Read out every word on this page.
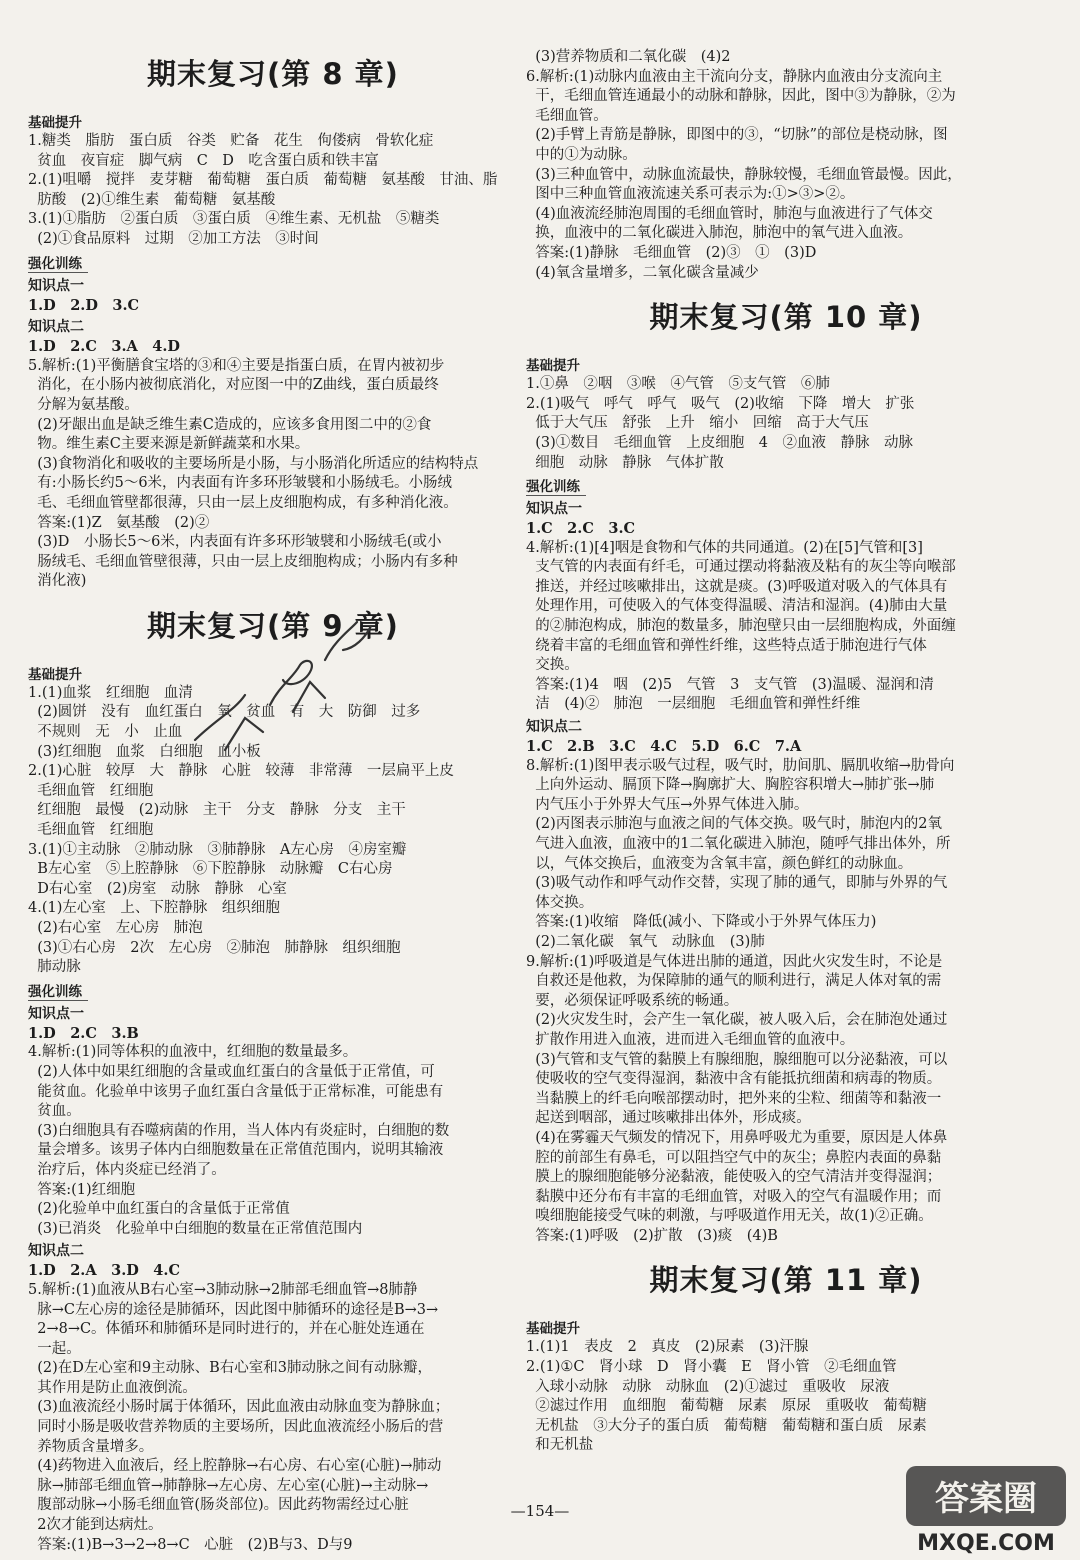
期末复习(第 8 章)
基础提升
1.糖类　脂肪　蛋白质　谷类　贮备　花生　佝偻病　骨软化症
贫血　夜盲症　脚气病　C　D　吃含蛋白质和铁丰富
2.(1)咀嚼　搅拌　麦芽糖　葡萄糖　蛋白质　葡萄糖　氨基酸　甘油、脂
肪酸　(2)①维生素　葡萄糖　氨基酸
3.(1)①脂肪　②蛋白质　③蛋白质　④维生素、无机盐　⑤糖类
(2)①食品原料　过期　②加工方法　③时间
强化训练
知识点一
1.D　2.D　3.C
知识点二
1.D　2.C　3.A　4.D
5.解析:(1)平衡膳食宝塔的③和④主要是指蛋白质，在胃内被初步
消化，在小肠内被彻底消化，对应图一中的Z曲线，蛋白质最终
分解为氨基酸。
(2)牙龈出血是缺乏维生素C造成的，应该多食用图二中的②食
物。维生素C主要来源是新鲜蔬菜和水果。
(3)食物消化和吸收的主要场所是小肠，与小肠消化所适应的结构特点
有:小肠长约5～6米，内表面有许多环形皱襞和小肠绒毛。小肠绒
毛、毛细血管壁都很薄，只由一层上皮细胞构成，有多种消化液。
答案:(1)Z　氨基酸　(2)②
(3)D　小肠长5～6米，内表面有许多环形皱襞和小肠绒毛(或小
肠绒毛、毛细血管壁很薄，只由一层上皮细胞构成；小肠内有多种
消化液)
期末复习(第 9 章)
基础提升
1.(1)血浆　红细胞　血清
(2)圆饼　没有　血红蛋白　氧　贫血　有　大　防御　过多
不规则　无　小　止血
(3)红细胞　血浆　白细胞　血小板
2.(1)心脏　较厚　大　静脉　心脏　较薄　非常薄　一层扁平上皮
毛细血管　红细胞
红细胞　最慢　(2)动脉　主干　分支　静脉　分支　主干
毛细血管　红细胞
3.(1)①主动脉　②肺动脉　③肺静脉　A左心房　④房室瓣
B左心室　⑤上腔静脉　⑥下腔静脉　动脉瓣　C右心房
D右心室　(2)房室　动脉　静脉　心室
4.(1)左心室　上、下腔静脉　组织细胞
(2)右心室　左心房　肺泡
(3)①右心房　2次　左心房　②肺泡　肺静脉　组织细胞
肺动脉
强化训练
知识点一
1.D　2.C　3.B
4.解析:(1)同等体积的血液中，红细胞的数量最多。
(2)人体中如果红细胞的含量或血红蛋白的含量低于正常值，可
能贫血。化验单中该男子血红蛋白含量低于正常标准，可能患有
贫血。
(3)白细胞具有吞噬病菌的作用，当人体内有炎症时，白细胞的数
量会增多。该男子体内白细胞数量在正常值范围内，说明其输液
治疗后，体内炎症已经消了。
答案:(1)红细胞
(2)化验单中血红蛋白的含量低于正常值
(3)已消炎　化验单中白细胞的数量在正常值范围内
知识点二
1.D　2.A　3.D　4.C
5.解析:(1)血液从B右心室→3肺动脉→2肺部毛细血管→8肺静
脉→C左心房的途径是肺循环，因此图中肺循环的途径是B→3→
2→8→C。体循环和肺循环是同时进行的，并在心脏处连通在
一起。
(2)在D左心室和9主动脉、B右心室和3肺动脉之间有动脉瓣，
其作用是防止血液倒流。
(3)血液流经小肠时属于体循环，因此血液由动脉血变为静脉血；
同时小肠是吸收营养物质的主要场所，因此血液流经小肠后的营
养物质含量增多。
(4)药物进入血液后，经上腔静脉→右心房、右心室(心脏)→肺动
脉→肺部毛细血管→肺静脉→左心房、左心室(心脏)→主动脉→
腹部动脉→小肠毛细血管(肠炎部位)。因此药物需经过心脏
2次才能到达病灶。
答案:(1)B→3→2→8→C　心脏　(2)B与3、D与9
(3)营养物质和二氧化碳　(4)2
6.解析:(1)动脉内血液由主干流向分支，静脉内血液由分支流向主
干，毛细血管连通最小的动脉和静脉，因此，图中③为静脉，②为
毛细血管。
(2)手臂上青筋是静脉，即图中的③，“切脉”的部位是桡动脉，图
中的①为动脉。
(3)三种血管中，动脉血流最快，静脉较慢，毛细血管最慢。因此，
图中三种血管血液流速关系可表示为:①>③>②。
(4)血液流经肺泡周围的毛细血管时，肺泡与血液进行了气体交
换，血液中的二氧化碳进入肺泡，肺泡中的氧气进入血液。
答案:(1)静脉　毛细血管　(2)③　①　(3)D
(4)氧含量增多，二氧化碳含量减少
期末复习(第 10 章)
基础提升
1.①鼻　②咽　③喉　④气管　⑤支气管　⑥肺
2.(1)吸气　呼气　呼气　吸气　(2)收缩　下降　增大　扩张
低于大气压　舒张　上升　缩小　回缩　高于大气压
(3)①数目　毛细血管　上皮细胞　4　②血液　静脉　动脉
细胞　动脉　静脉　气体扩散
强化训练
知识点一
1.C　2.C　3.C
4.解析:(1)[4]咽是食物和气体的共同通道。(2)在[5]气管和[3]
支气管的内表面有纤毛，可通过摆动将黏液及粘有的灰尘等向喉部
推送，并经过咳嗽排出，这就是痰。(3)呼吸道对吸入的气体具有
处理作用，可使吸入的气体变得温暖、清洁和湿润。(4)肺由大量
的②肺泡构成，肺泡的数量多，肺泡壁只由一层细胞构成，外面缠
绕着丰富的毛细血管和弹性纤维，这些特点适于肺泡进行气体
交换。
答案:(1)4　咽　(2)5　气管　3　支气管　(3)温暖、湿润和清
洁　(4)②　肺泡　一层细胞　毛细血管和弹性纤维
知识点二
1.C　2.B　3.C　4.C　5.D　6.C　7.A
8.解析:(1)图甲表示吸气过程，吸气时，肋间肌、膈肌收缩→肋骨向
上向外运动、膈顶下降→胸廓扩大、胸腔容积增大→肺扩张→肺
内气压小于外界大气压→外界气体进入肺。
(2)丙图表示肺泡与血液之间的气体交换。吸气时，肺泡内的2氧
气进入血液，血液中的1二氧化碳进入肺泡，随呼气排出体外，所
以，气体交换后，血液变为含氧丰富，颜色鲜红的动脉血。
(3)吸气动作和呼气动作交替，实现了肺的通气，即肺与外界的气
体交换。
答案:(1)收缩　降低(减小、下降或小于外界气体压力)
(2)二氧化碳　氧气　动脉血　(3)肺
9.解析:(1)呼吸道是气体进出肺的通道，因此火灾发生时，不论是
自救还是他救，为保障肺的通气的顺利进行，满足人体对氧的需
要，必须保证呼吸系统的畅通。
(2)火灾发生时，会产生一氧化碳，被人吸入后，会在肺泡处通过
扩散作用进入血液，进而进入毛细血管的血液中。
(3)气管和支气管的黏膜上有腺细胞，腺细胞可以分泌黏液，可以
使吸收的空气变得湿润，黏液中含有能抵抗细菌和病毒的物质。
当黏膜上的纤毛向喉部摆动时，把外来的尘粒、细菌等和黏液一
起送到咽部，通过咳嗽排出体外，形成痰。
(4)在雾霾天气频发的情况下，用鼻呼吸尤为重要，原因是人体鼻
腔的前部生有鼻毛，可以阻挡空气中的灰尘；鼻腔内表面的鼻黏
膜上的腺细胞能够分泌黏液，能使吸入的空气清洁并变得湿润；
黏膜中还分布有丰富的毛细血管，对吸入的空气有温暖作用；而
嗅细胞能接受气味的刺激，与呼吸道作用无关，故(1)②正确。
答案:(1)呼吸　(2)扩散　(3)痰　(4)B
期末复习(第 11 章)
基础提升
1.(1)1　表皮　2　真皮　(2)尿素　(3)汗腺
2.(1)①C　肾小球　D　肾小囊　E　肾小管　②毛细血管
入球小动脉　动脉　动脉血　(2)①滤过　重吸收　尿液
②滤过作用　血细胞　葡萄糖　尿素　原尿　重吸收　葡萄糖
无机盐　③大分子的蛋白质　葡萄糖　葡萄糖和蛋白质　尿素
和无机盐
BAP A.D.
—154—	答案圈
MXQE.COM
